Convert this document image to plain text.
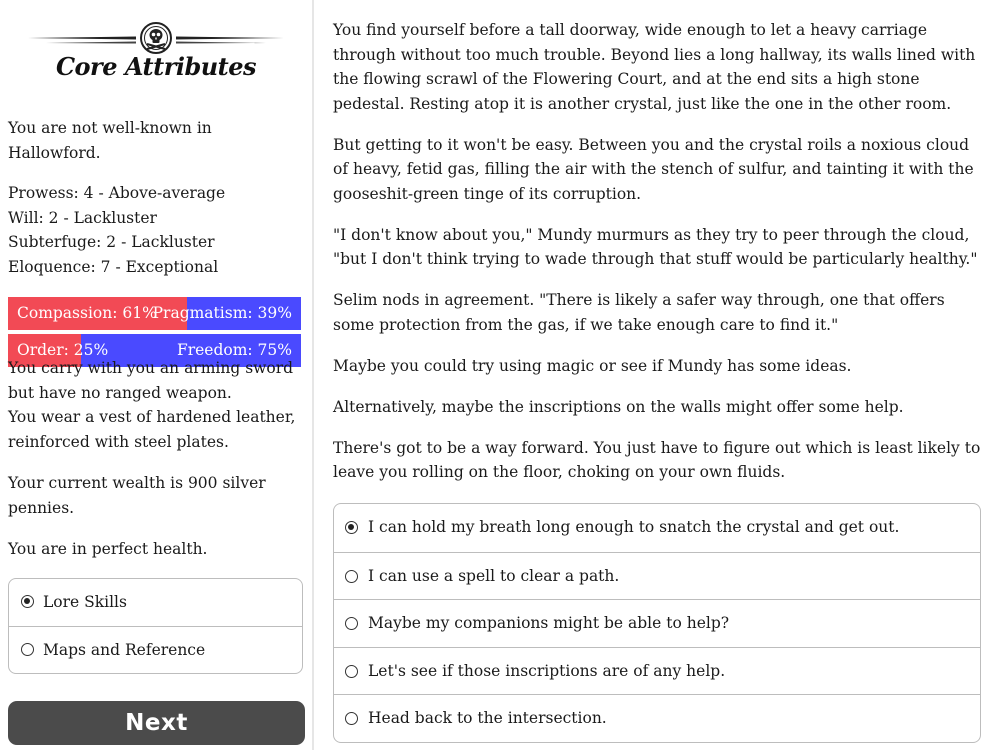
Core Attributes

You are not well-known in Hallowford.

Prowess: 4 - Above-average

Will: 2 - Lackluster

Subterfuge: 2 - Lackluster

Eloquence: 7 - Exceptional

Compassion: 61%
Pragmatism: 39%
Order: 25%	Freedom: 75%

You carry with you an arming sword but have no ranged weapon.

You wear a vest of hardened leather, reinforced with steel plates.

Your current wealth is 900 silver pennies.

You are in perfect health.

Lore Skills
Maps and Reference
Next

You find yourself before a tall doorway, wide enough to let a heavy carriage through without too much trouble. Beyond lies a long hallway, its walls lined with the flowing scrawl of the Flowering Court, and at the end sits a high stone pedestal. Resting atop it is another crystal, just like the one in the other room.

But getting to it won't be easy. Between you and the crystal roils a noxious cloud of heavy, fetid gas, filling the air with the stench of sulfur, and tainting it with the gooseshit-green tinge of its corruption.

"I don't know about you," Mundy murmurs as they try to peer through the cloud, "but I don't think trying to wade through that stuff would be particularly healthy."

Selim nods in agreement. "There is likely a safer way through, one that offers some protection from the gas, if we take enough care to find it."

Maybe you could try using magic or see if Mundy has some ideas.

Alternatively, maybe the inscriptions on the walls might offer some help.

There's got to be a way forward. You just have to figure out which is least likely to leave you rolling on the floor, choking on your own fluids.

I can hold my breath long enough to snatch the crystal and get out.
I can use a spell to clear a path.
Maybe my companions might be able to help?
Let's see if those inscriptions are of any help.
Head back to the intersection.
